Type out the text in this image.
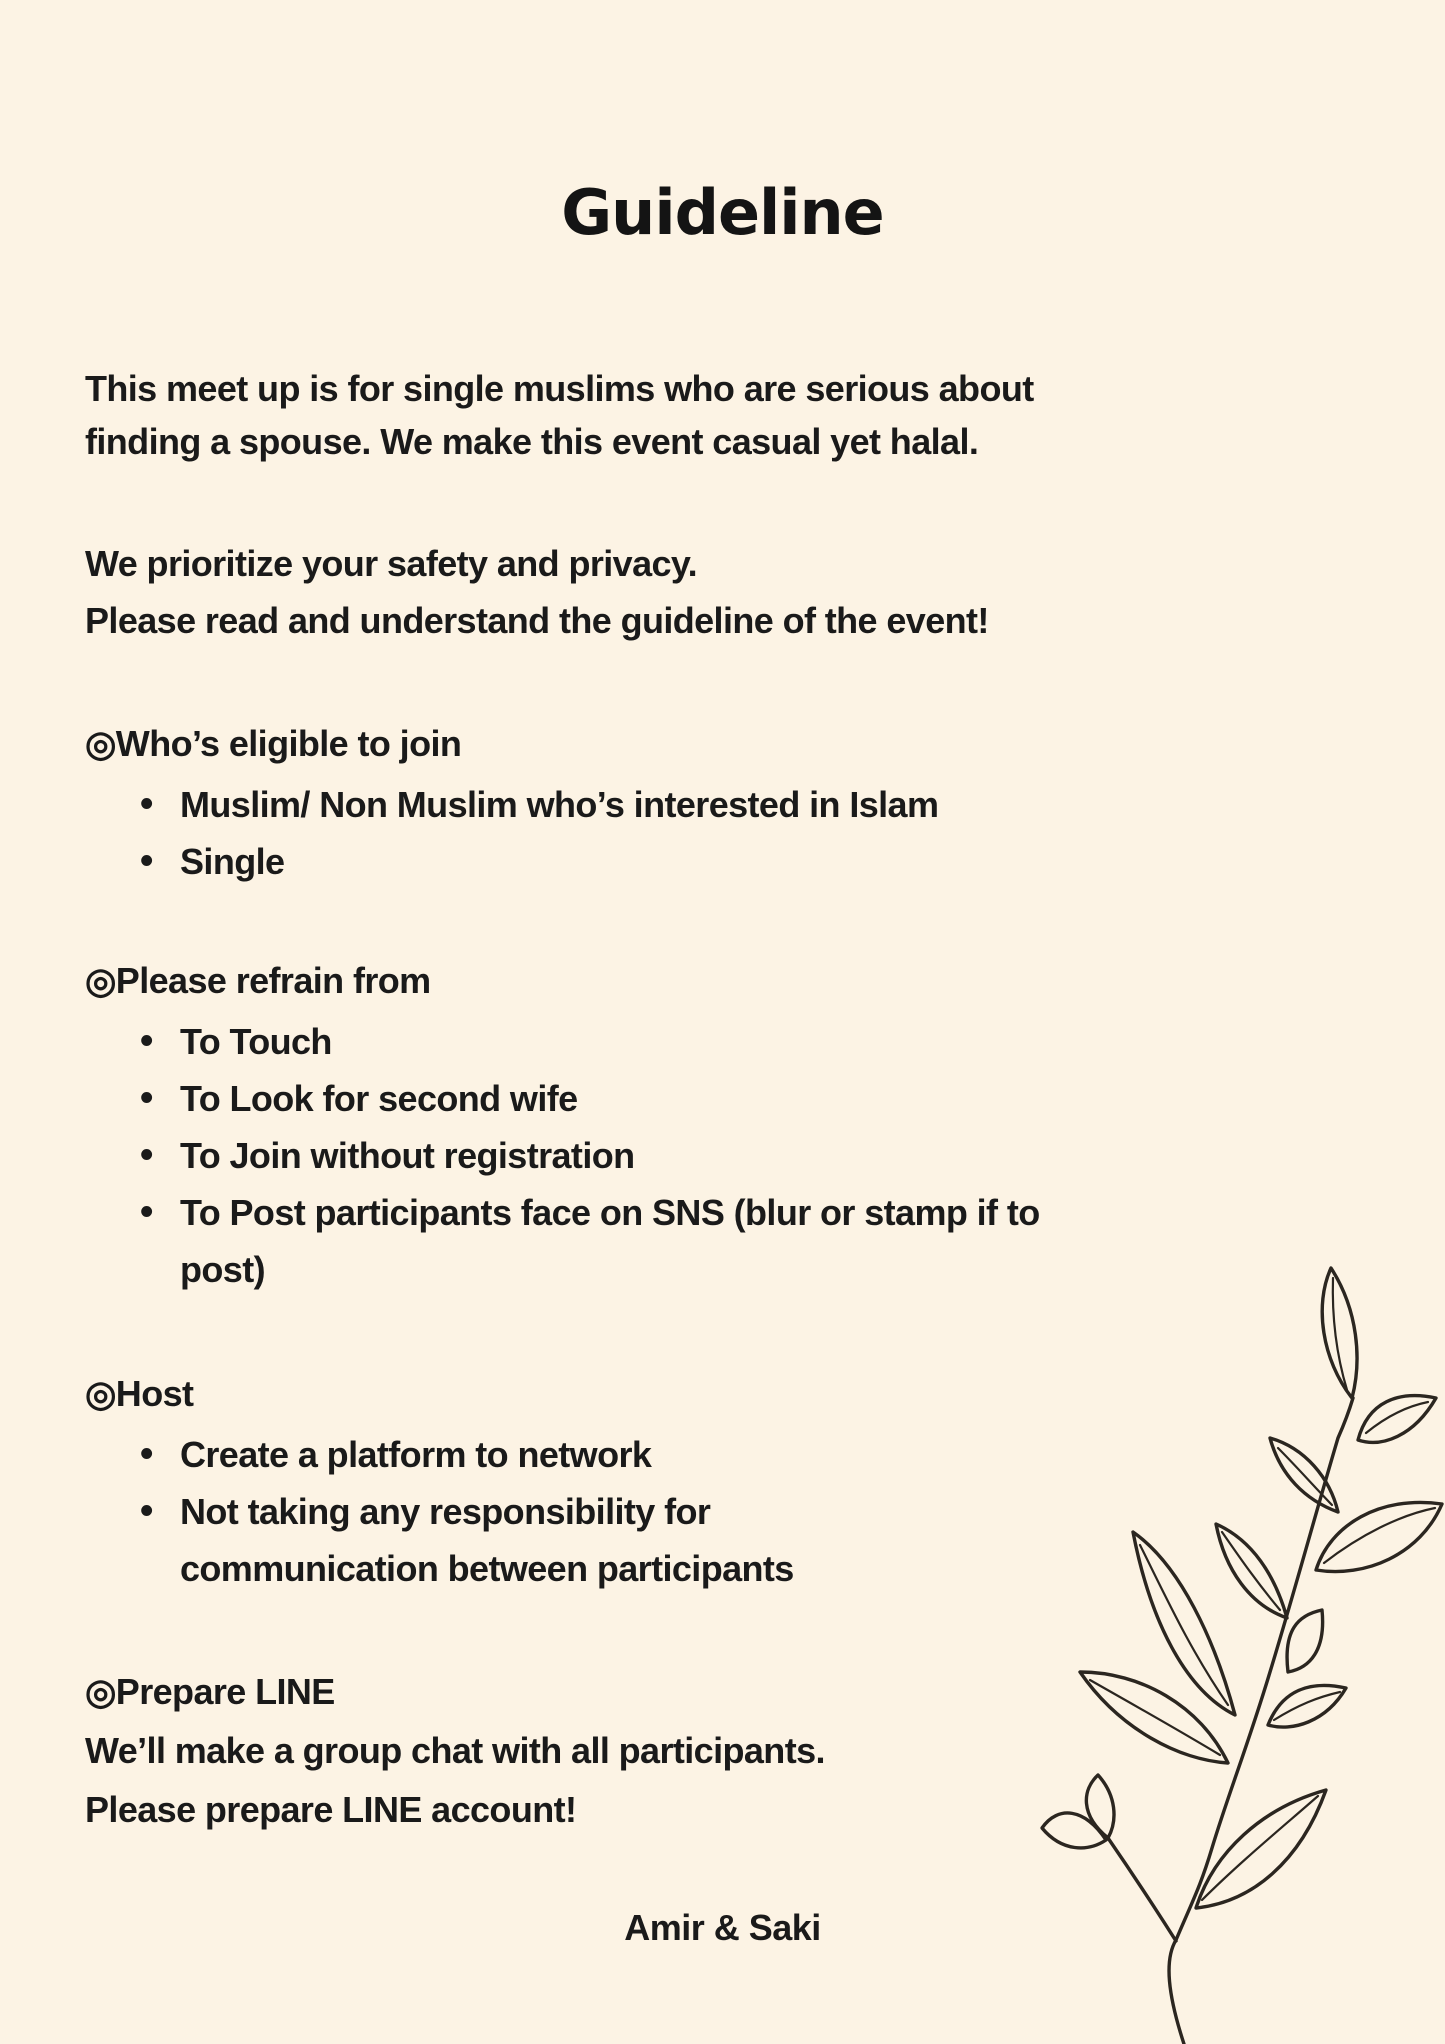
Guideline

This meet up is for single muslims who are serious about
finding a spouse. We make this event casual yet halal.

We prioritize your safety and privacy.
Please read and understand the guideline of the event!

◎Who’s eligible to join
• Muslim/ Non Muslim who’s interested in Islam
• Single
◎Please refrain from
• To Touch
• To Look for second wife
• To Join without registration
• To Post participants face on SNS (blur or stamp if to
post)
◎Host
• Create a platform to network
• Not taking any responsibility for
communication between participants
◎Prepare LINE
We’ll make a group chat with all participants.
Please prepare LINE account!
Amir & Saki
